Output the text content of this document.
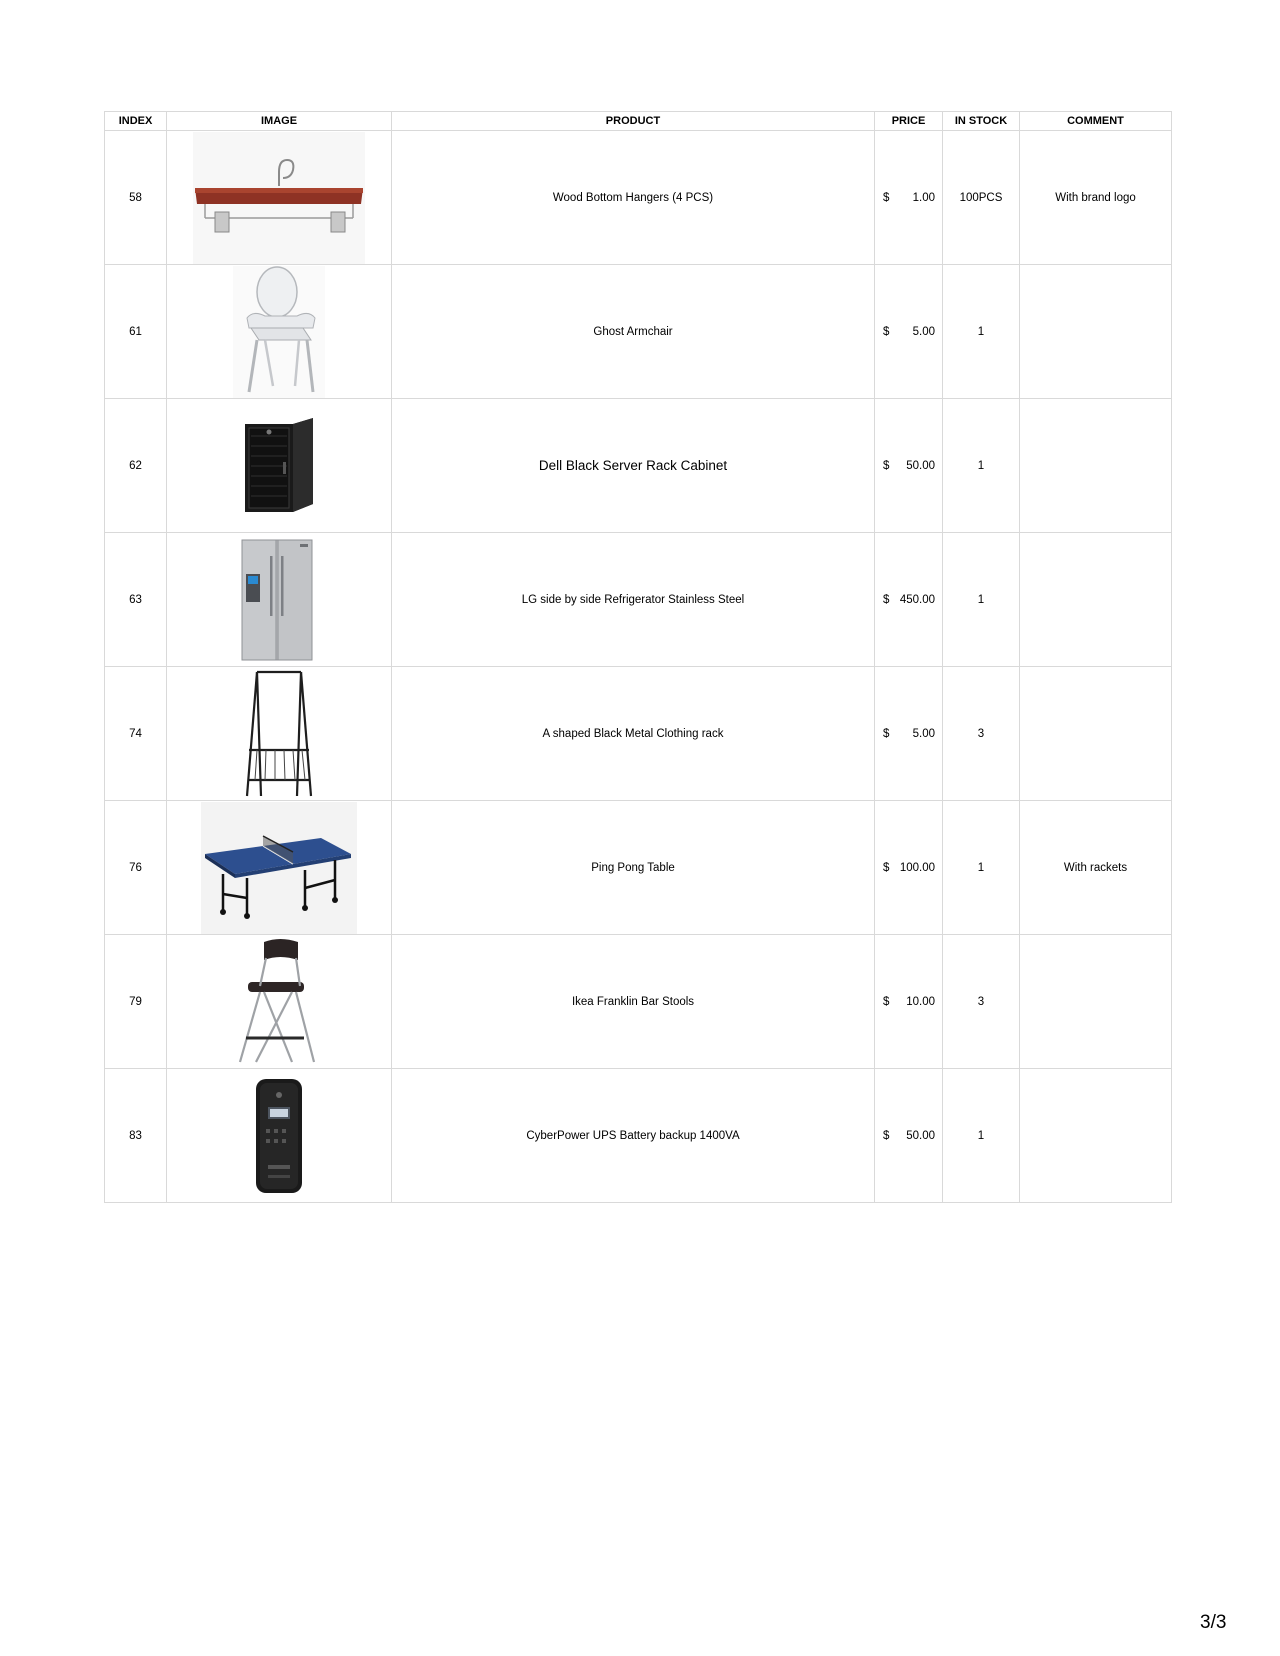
INDEX	IMAGE	PRODUCT	PRICE	IN STOCK	COMMENT
58		Wood Bottom Hangers (4 PCS)	$ 1.00	100PCS	With brand logo
61		Ghost Armchair	$ 5.00	1	
62		Dell Black Server Rack Cabinet	$ 50.00	1	
63		LG side by side Refrigerator Stainless Steel	$ 450.00	1	
74		A shaped Black Metal Clothing rack	$ 5.00	3	
76		Ping Pong Table	$ 100.00	1	With rackets
79		Ikea Franklin Bar Stools	$ 10.00	3	
83		CyberPower UPS Battery backup 1400VA	$ 50.00	1	
3/3
